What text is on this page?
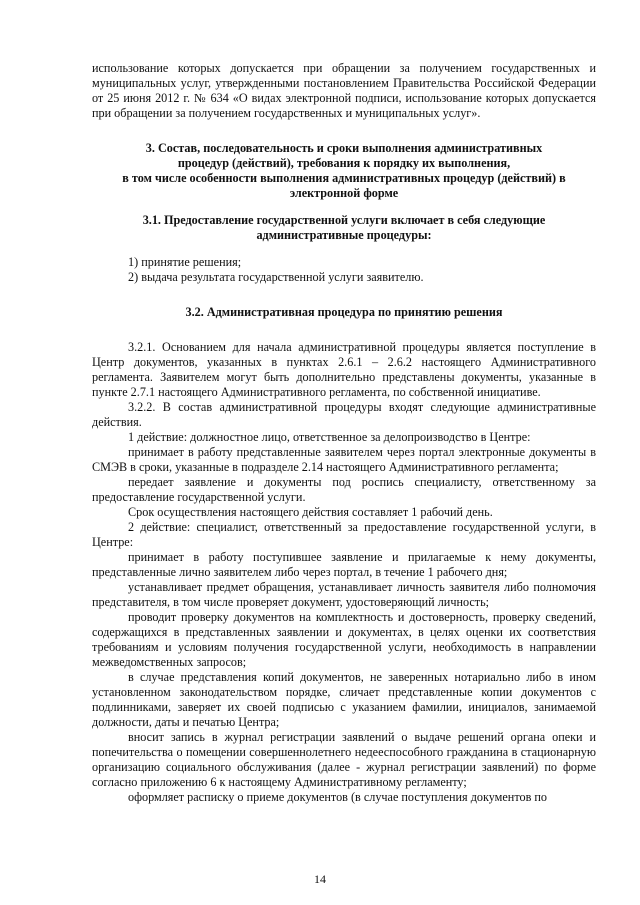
использование которых допускается при обращении за получением государственных и муниципальных услуг, утвержденными постановлением Правительства Российской Федерации от 25 июня 2012 г. № 634 «О видах электронной подписи, использование которых допускается при обращении за получением государственных и муниципальных услуг».

3. Состав, последовательность и сроки выполнения административных

процедур (действий), требования к порядку их выполнения,

в том числе особенности выполнения административных процедур (действий) в

электронной форме

3.1. Предоставление государственной услуги включает в себя следующие

административные процедуры:

1) принятие решения;

2) выдача результата государственной услуги заявителю.

3.2. Административная процедура по принятию решения

3.2.1. Основанием для начала административной процедуры является поступление в Центр документов, указанных в пунктах 2.6.1 – 2.6.2 настоящего Административного регламента. Заявителем могут быть дополнительно представлены документы, указанные в пункте 2.7.1 настоящего Административного регламента, по собственной инициативе.

3.2.2. В состав административной процедуры входят следующие административные действия.

1 действие: должностное лицо, ответственное за делопроизводство в Центре:

принимает в работу представленные заявителем через портал электронные документы в СМЭВ в сроки, указанные в подразделе 2.14 настоящего Административного регламента;

передает заявление и документы под роспись специалисту, ответственному за предоставление государственной услуги.

Срок осуществления настоящего действия составляет 1 рабочий день.

2 действие: специалист, ответственный за предоставление государственной услуги, в Центре:

принимает в работу поступившее заявление и прилагаемые к нему документы, представленные лично заявителем либо через портал, в течение 1 рабочего дня;

устанавливает предмет обращения, устанавливает личность заявителя либо полномочия представителя, в том числе проверяет документ, удостоверяющий личность;

проводит проверку документов на комплектность и достоверность, проверку сведений, содержащихся в представленных заявлении и документах, в целях оценки их соответствия требованиям и условиям получения государственной услуги, необходимость в направлении межведомственных запросов;

в случае представления копий документов, не заверенных нотариально либо в ином установленном законодательством порядке, сличает представленные копии документов с подлинниками, заверяет их своей подписью с указанием фамилии, инициалов, занимаемой должности, даты и печатью Центра;

вносит запись в журнал регистрации заявлений о выдаче решений органа опеки и попечительства о помещении совершеннолетнего недееспособного гражданина в стационарную организацию социального обслуживания (далее - журнал регистрации заявлений) по форме согласно приложению 6 к настоящему Административному регламенту;

оформляет расписку о приеме документов (в случае поступления документов по

14
